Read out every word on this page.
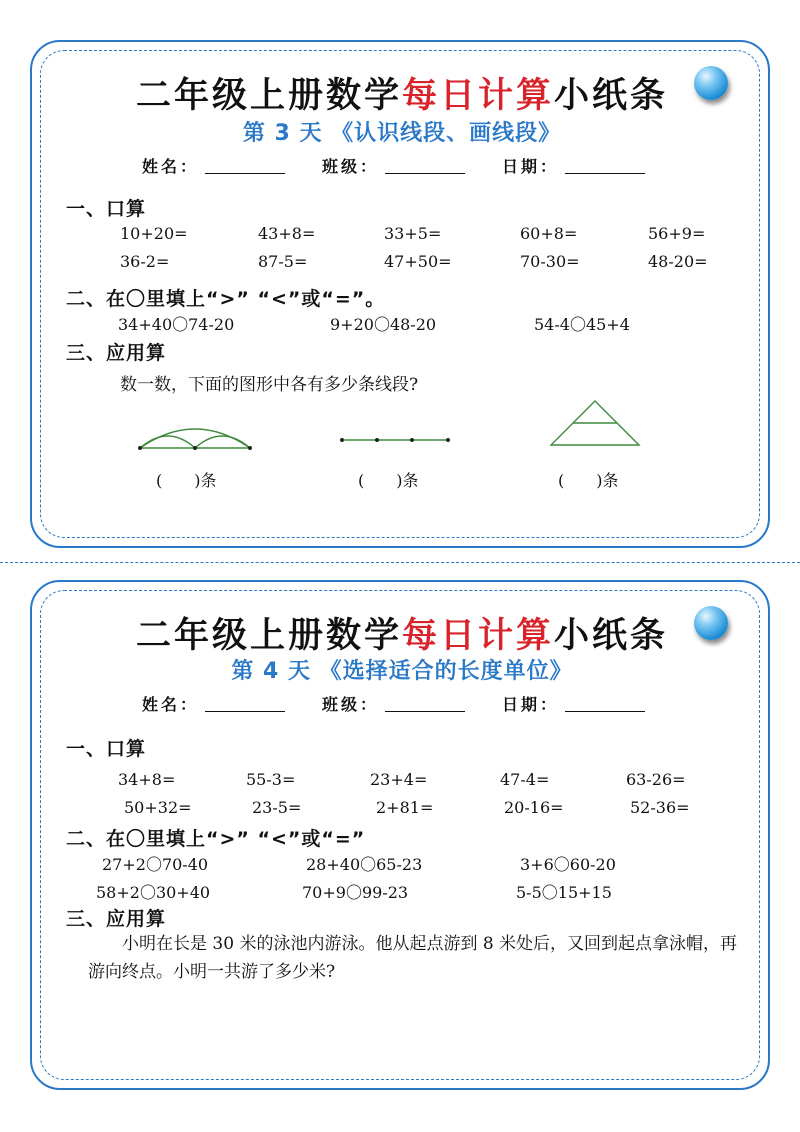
二年级上册数学每日计算小纸条
第 3 天 《认识线段、画线段》
姓名：	班级：	日期：
一、口算
10+20=	43+8=	33+5=	60+8=	56+9=
36-2=	87-5=	47+50=	70-30=	48-20=
二、在〇里填上“>” “<”或“=”。
34+40〇74-20	9+20〇48-20	54-4〇45+4
三、应用算
数一数，下面的图形中各有多少条线段?
(　　)条	(　　)条	(　　)条
二年级上册数学每日计算小纸条
第 4 天 《选择适合的长度单位》
姓名：	班级：	日期：
一、口算
34+8=	55-3=	23+4=	47-4=	63-26=
50+32=	23-5=	2+81=	20-16=	52-36=
二、在〇里填上“>” “<”或“=”
27+2〇70-40	28+40〇65-23	3+6〇60-20
58+2〇30+40	70+9〇99-23	5-5〇15+15
三、应用算
小明在长是 30 米的泳池内游泳。他从起点游到 8 米处后，又回到起点拿泳帽，再游向终点。小明一共游了多少米?
